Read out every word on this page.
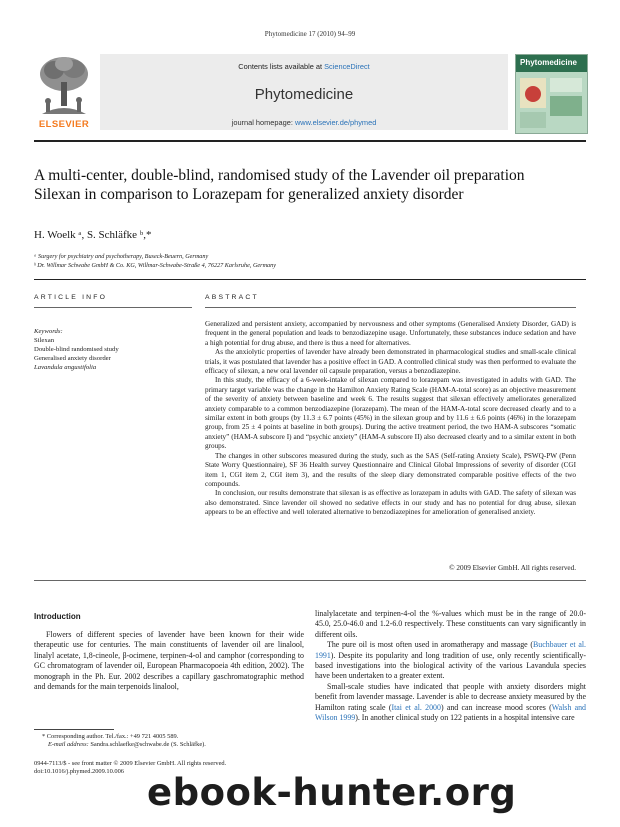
Phytomedicine 17 (2010) 94–99
ELSEVIER
Contents lists available at ScienceDirect
Phytomedicine
journal homepage: www.elsevier.de/phymed
Phytomedicine
A multi-center, double-blind, randomised study of the Lavender oil preparation Silexan in comparison to Lorazepam for generalized anxiety disorder
H. Woelk ᵃ, S. Schläfke ᵇ,*
ᵃ Surgery for psychiatry and psychotherapy, Buseck-Beuern, Germany
ᵇ Dr. Willmar Schwabe GmbH & Co. KG, Willmar-Schwabe-Straße 4, 76227 Karlsruhe, Germany
ARTICLE INFO	ABSTRACT
Keywords:
Silexan
Double-blind randomised study
Generalised anxiety disorder
Lavandula angustifolia

Generalized and persistent anxiety, accompanied by nervousness and other symptoms (Generalised Anxiety Disorder, GAD) is frequent in the general population and leads to benzodiazepine usage. Unfortunately, these substances induce sedation and have a high potential for drug abuse, and there is thus a need for alternatives.

As the anxiolytic properties of lavender have already been demonstrated in pharmacological studies and small-scale clinical trials, it was postulated that lavender has a positive effect in GAD. A controlled clinical study was then performed to evaluate the efficacy of silexan, a new oral lavender oil capsule preparation, versus a benzodiazepine.

In this study, the efficacy of a 6-week-intake of silexan compared to lorazepam was investigated in adults with GAD. The primary target variable was the change in the Hamilton Anxiety Rating Scale (HAM-A-total score) as an objective measurement of the severity of anxiety between baseline and week 6. The results suggest that silexan effectively ameliorates generalized anxiety comparable to a common benzodiazepine (lorazepam). The mean of the HAM-A-total score decreased clearly and to a similar extent in both groups (by 11.3 ± 6.7 points (45%) in the silexan group and by 11.6 ± 6.6 points (46%) in the lorazepam group, from 25 ± 4 points at baseline in both groups). During the active treatment period, the two HAM-A subscores “somatic anxiety” (HAM-A subscore I) and “psychic anxiety” (HAM-A subscore II) also decreased clearly and to a similar extent in both groups.

The changes in other subscores measured during the study, such as the SAS (Self-rating Anxiety Scale), PSWQ-PW (Penn State Worry Questionnaire), SF 36 Health survey Questionnaire and Clinical Global Impressions of severity of disorder (CGI item 1, CGI item 2, CGI item 3), and the results of the sleep diary demonstrated comparable positive effects of the two compounds.

In conclusion, our results demonstrate that silexan is as effective as lorazepam in adults with GAD. The safety of silexan was also demonstrated. Since lavender oil showed no sedative effects in our study and has no potential for drug abuse, silexan appears to be an effective and well tolerated alternative to benzodiazepines for amelioration of generalised anxiety.

© 2009 Elsevier GmbH. All rights reserved.
Introduction

Flowers of different species of lavender have been known for their wide therapeutic use for centuries. The main constituents of lavender oil are linalool, linalyl acetate, 1,8-cineole, β-ocimene, terpinen-4-ol and camphor (corresponding to GC chromatogram of lavender oil, European Pharmacopoeia 4th edition, 2002). The monograph in the Ph. Eur. 2002 describes a capillary gaschromatographic method and demands for the main terpenoids linalool,

linalylacetate and terpinen-4-ol the %-values which must be in the range of 20.0-45.0, 25.0-46.0 and 1.2-6.0 respectively. These constituents can vary significantly in different oils.

The pure oil is most often used in aromatherapy and massage (Buchbauer et al. 1991). Despite its popularity and long tradition of use, only recently scientifically-based investigations into the biological activity of the various Lavandula species have been undertaken to a greater extent.

Small-scale studies have indicated that people with anxiety disorders might benefit from lavender massage. Lavender is able to decrease anxiety measured by the Hamilton rating scale (Itai et al. 2000) and can increase mood scores (Walsh and Wilson 1999). In another clinical study on 122 patients in a hospital intensive care

* Corresponding author. Tel./fax.: +49 721 4005 589.
E-mail address: Sandra.schlaefke@schwabe.de (S. Schläfke).
0944-7113/$ - see front matter © 2009 Elsevier GmbH. All rights reserved.
doi:10.1016/j.phymed.2009.10.006 ebook-hunter.org
